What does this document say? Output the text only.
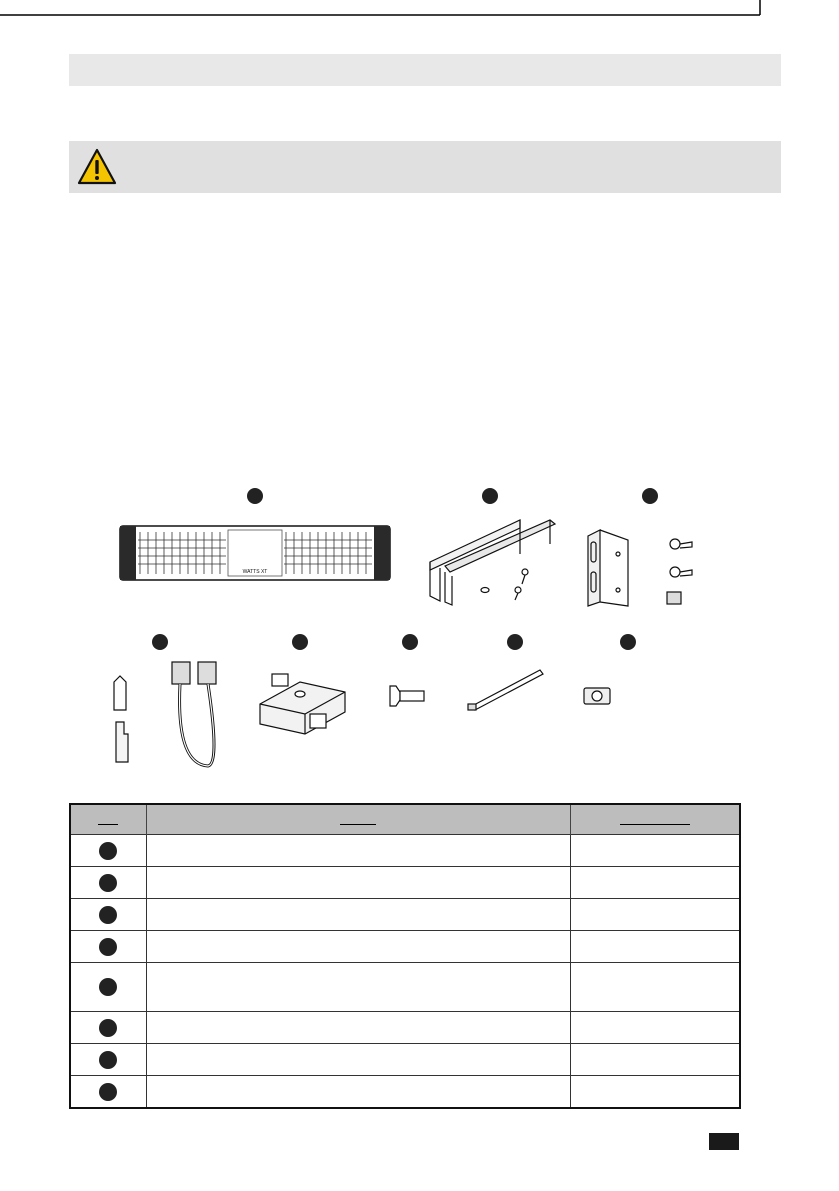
WATTS XT
